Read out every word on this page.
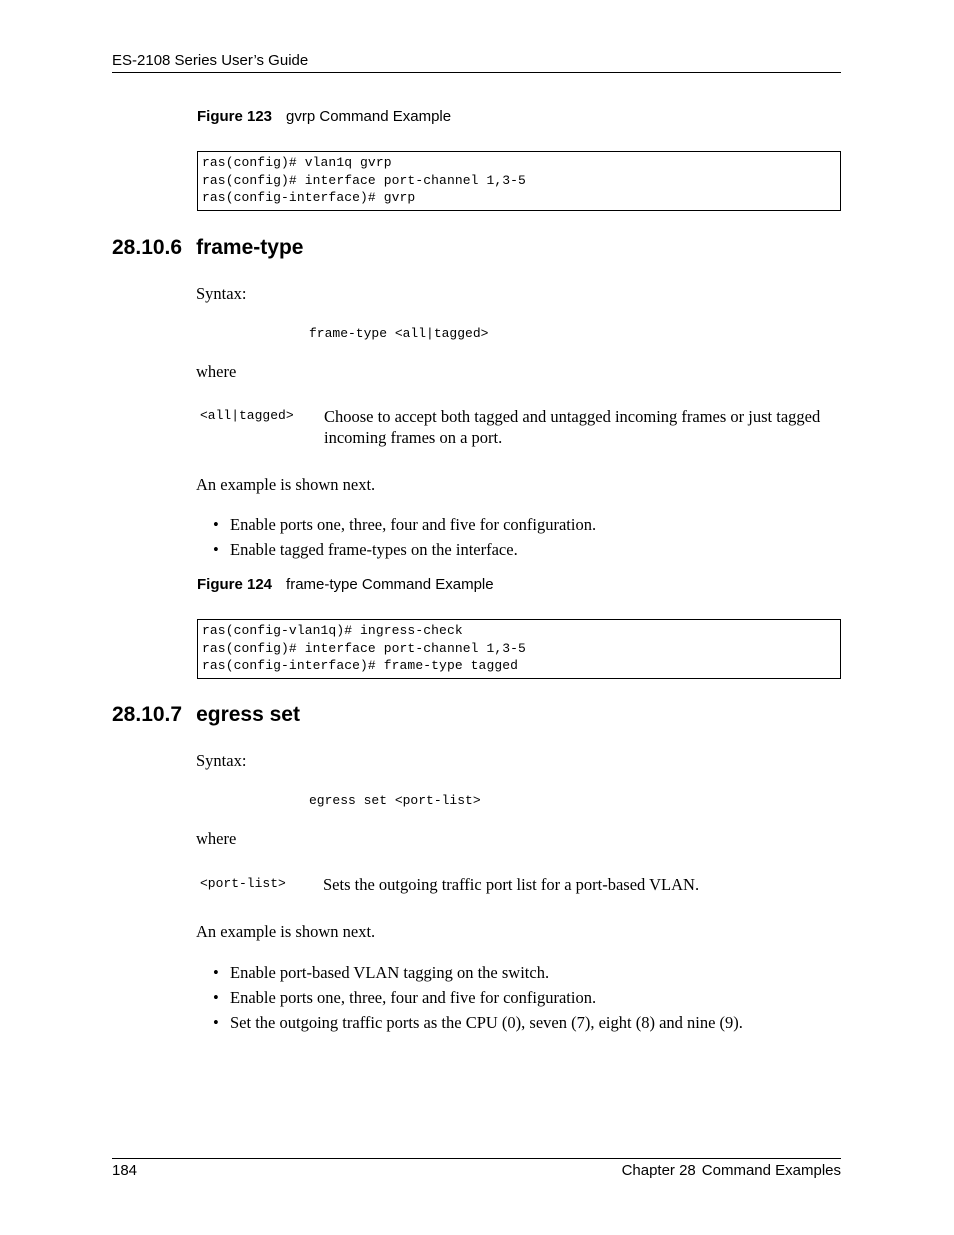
ES-2108 Series User’s Guide
Figure 123 gvrp Command Example
ras(config)# vlan1q gvrp
ras(config)# interface port-channel 1,3-5
ras(config-interface)# gvrp
28.10.6 frame-type
Syntax:
frame-type <all|tagged>
where
<all|tagged> Choose to accept both tagged and untagged incoming frames or just tagged incoming frames on a port.
An example is shown next.
• Enable ports one, three, four and five for configuration.
• Enable tagged frame-types on the interface.
Figure 124 frame-type Command Example
ras(config-vlan1q)# ingress-check
ras(config)# interface port-channel 1,3-5
ras(config-interface)# frame-type tagged
28.10.7 egress set
Syntax:
egress set <port-list>
where
<port-list> Sets the outgoing traffic port list for a port-based VLAN.
An example is shown next.
• Enable port-based VLAN tagging on the switch.
• Enable ports one, three, four and five for configuration.
• Set the outgoing traffic ports as the CPU (0), seven (7), eight (8) and nine (9).
184	Chapter 28 Command Examples
